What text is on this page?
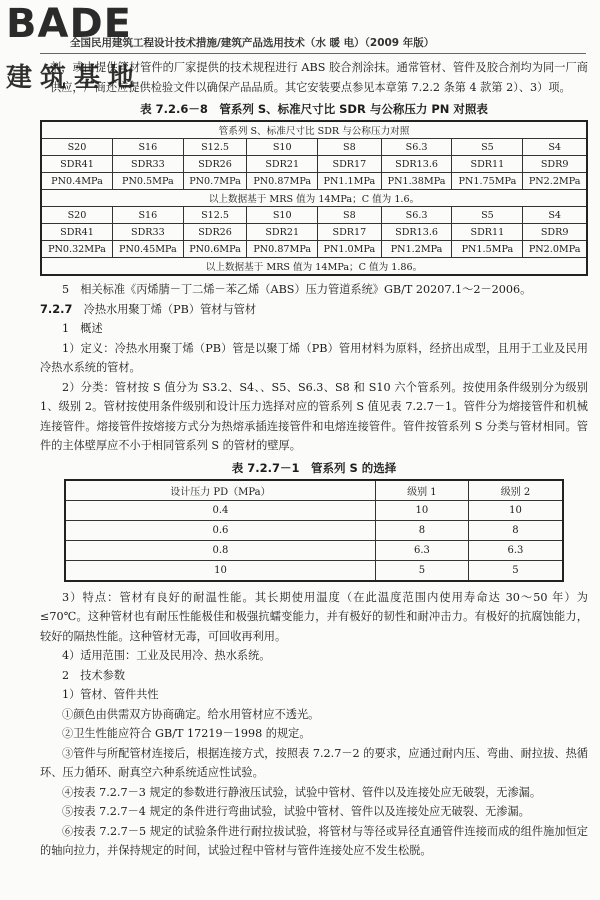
BADE
建筑基地
全国民用建筑工程设计技术措施/建筑产品选用技术（水 暖 电）（2009 年版）

剂，或由提供管材管件的厂家提供的技术规程进行 ABS 胶合剂涂抹。通常管材、管件及胶合剂均为同一厂商供应，厂商还应提供检验文件以确保产品品质。其它安装要点参见本章第 7.2.2 条第 4 款第 2）、3）项。

表 7.2.6－8　管系列 S、标准尺寸比 SDR 与公称压力 PN 对照表
管系列 S、标准尺寸比 SDR 与公称压力对照							
S20	S16	S12.5	S10	S8	S6.3	S5	S4
SDR41	SDR33	SDR26	SDR21	SDR17	SDR13.6	SDR11	SDR9
PN0.4MPa	PN0.5MPa	PN0.7MPa	PN0.87MPa	PN1.1MPa	PN1.38MPa	PN1.75MPa	PN2.2MPa
以上数据基于 MRS 值为 14MPa；C 值为 1.6。							
S20	S16	S12.5	S10	S8	S6.3	S5	S4
SDR41	SDR33	SDR26	SDR21	SDR17	SDR13.6	SDR11	SDR9
PN0.32MPa	PN0.45MPa	PN0.6MPa	PN0.87MPa	PN1.0MPa	PN1.2MPa	PN1.5MPa	PN2.0MPa
以上数据基于 MRS 值为 14MPa；C 值为 1.86。							

5　相关标准《丙烯腈－丁二烯－苯乙烯（ABS）压力管道系统》GB/T 20207.1～2－2006。

7.2.7　 冷热水用聚丁烯（PB）管材与管材

1　概述

1）定义：冷热水用聚丁烯（PB）管是以聚丁烯（PB）管用材料为原料，经挤出成型，且用于工业及民用冷热水系统的管材。

2）分类：管材按 S 值分为 S3.2、S4、、S5、S6.3、S8 和 S10 六个管系列。按使用条件级别分为级别 1、级别 2。管材按使用条件级别和设计压力选择对应的管系列 S 值见表 7.2.7－1。管件分为熔接管件和机械连接管件。熔接管件按熔接方式分为热熔承插连接管件和电熔连接管件。管件按管系列 S 分类与管材相同。管件的主体壁厚应不小于相同管系列 S 的管材的壁厚。

表 7.2.7－1　管系列 S 的选择
设计压力 PD（MPa）	级别 1	级别 2
0.4	10	10
0.6	8	8
0.8	6.3	6.3
10	5	5

3）特点：管材有良好的耐温性能。其长期使用温度（在此温度范围内使用寿命达 30～50 年）为≤70℃。这种管材也有耐压性能极佳和极强抗蠕变能力，并有极好的韧性和耐冲击力。有极好的抗腐蚀能力，较好的隔热性能。这种管材无毒，可回收再利用。

4）适用范围：工业及民用冷、热水系统。

2　技术参数

1）管材、管件共性

①颜色由供需双方协商确定。给水用管材应不透光。

②卫生性能应符合 GB/T 17219－1998 的规定。

③管件与所配管材连接后，根据连接方式，按照表 7.2.7－2 的要求，应通过耐内压、弯曲、耐拉拔、热循环、压力循环、耐真空六种系统适应性试验。

④按表 7.2.7－3 规定的参数进行静液压试验，试验中管材、管件以及连接处应无破裂，无渗漏。

⑤按表 7.2.7－4 规定的条件进行弯曲试验，试验中管材、管件以及连接处应无破裂、无渗漏。

⑥按表 7.2.7－5 规定的试验条件进行耐拉拔试验，将管材与等径或异径直通管件连接而成的组件施加恒定的轴向拉力，并保持规定的时间，试验过程中管材与管件连接处应不发生松脱。
